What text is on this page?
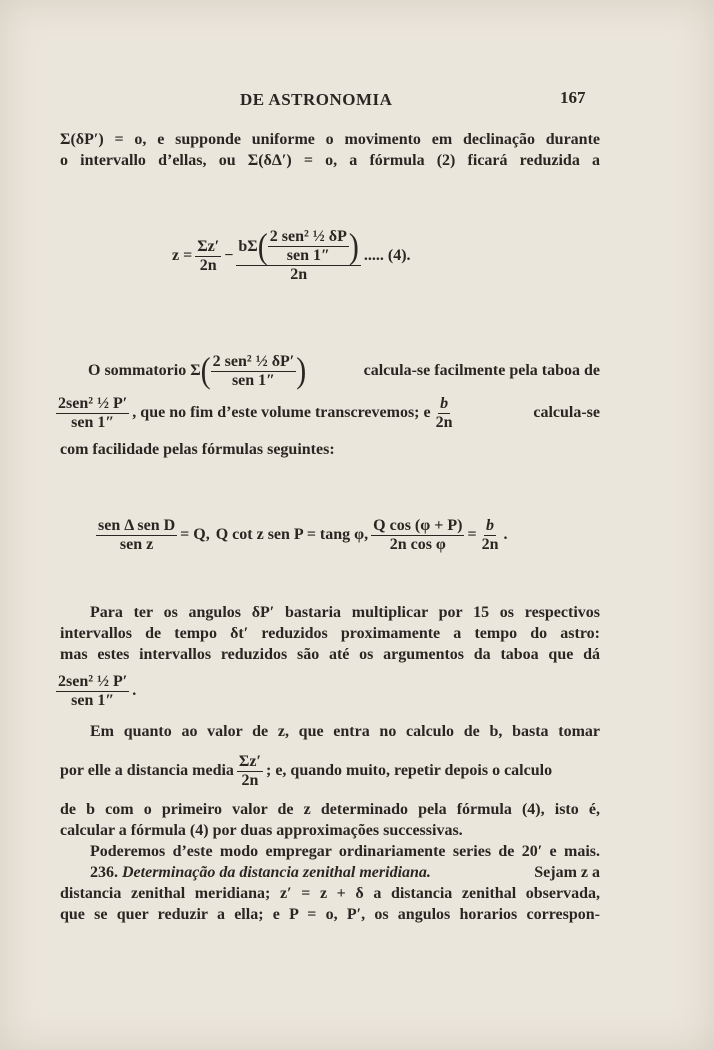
DE ASTRONOMIA	167
Σ(δP′) = o, e supponde uniforme o movimento em declinação durante
o intervallo d’ellas, ou Σ(δΔ′) = o, a fórmula (2) ficará reduzida a
$z = \frac{\Sigma z'}{2n}$ −
bΣ ( $\frac{\text{2 sen² ½ δP}}{\text{sen 1″}}$ )
2n
..... (4).
O sommatorio Σ ( $\frac{\text{2 sen² ½ δP′}}{\text{sen 1″}}$ )	calcula-se facilmente pela taboa de
$\frac{\text{2sen² ½ P′}}{\text{sen 1″}}$ , que no fim d’este volume transcrevemos; e $\frac{b}{2n}$	calcula-se
com facilidade pelas fórmulas seguintes:
$\frac{\text{sen Δ sen D}}{\text{sen z}} = Q$, Q cot z sen P = tang φ, $\frac{\text{Q cos (φ + P)}}{\text{2n cos φ}} = \frac{b}{2n}$ .
Para ter os angulos δP′ bastaria multiplicar por 15 os respectivos
intervallos de tempo δt′ reduzidos proximamente a tempo do astro:
mas estes intervallos reduzidos são até os argumentos da taboa que dá
$\frac{\text{2sen² ½ P′}}{\text{sen 1″}}$ .
Em quanto ao valor de z, que entra no calculo de b, basta tomar
por elle a distancia media $\frac{\Sigma z'}{2n}$ ; e, quando muito, repetir depois o calculo
de b com o primeiro valor de z determinado pela fórmula (4), isto é,
calcular a fórmula (4) por duas approximações successivas.
Poderemos d’este modo empregar ordinariamente series de 20′ e mais.
236. Determinação da distancia zenithal meridiana.	Sejam z a
distancia zenithal meridiana; z′ = z + δ a distancia zenithal observada,
que se quer reduzir a ella; e P = o, P′, os angulos horarios correspon-
